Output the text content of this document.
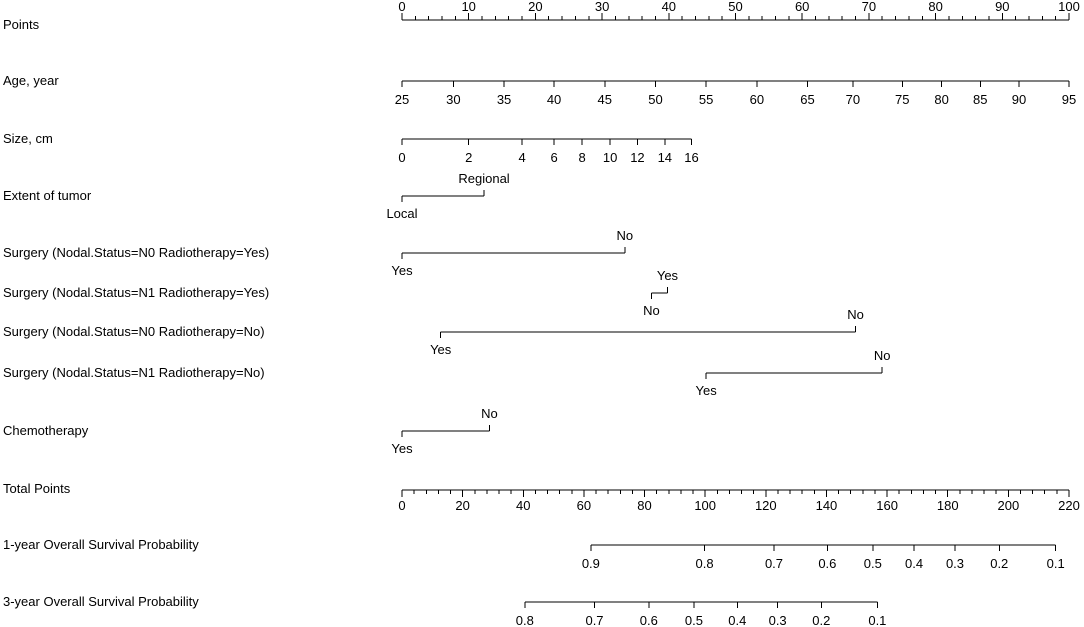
Points
0	10	20	30	40	50	60	70	80	90	100
Age, year
25	30	35	40	45	50	55	60	65 70	75 80 85 90	95
Size, cm
0	2	4 6 8 10 12 14 16
Extent of tumor
Local
Regional
Surgery (Nodal.Status=N0 Radiotherapy=Yes)
Yes
No
Surgery (Nodal.Status=N1 Radiotherapy=Yes)
No
Yes
Surgery (Nodal.Status=N0 Radiotherapy=No)
Yes
No
Surgery (Nodal.Status=N1 Radiotherapy=No)
Yes
No
Chemotherapy
Yes
No
Total Points
0	20	40	60	80	100	120	140	160	180	200	220
1-year Overall Survival Probability
0.9	0.8	0.7	0.6 0.5 0.4 0.3 0.2	0.1
3-year Overall Survival Probability
0.8	0.7	0.6 0.5 0.4 0.3 0.2	0.1
